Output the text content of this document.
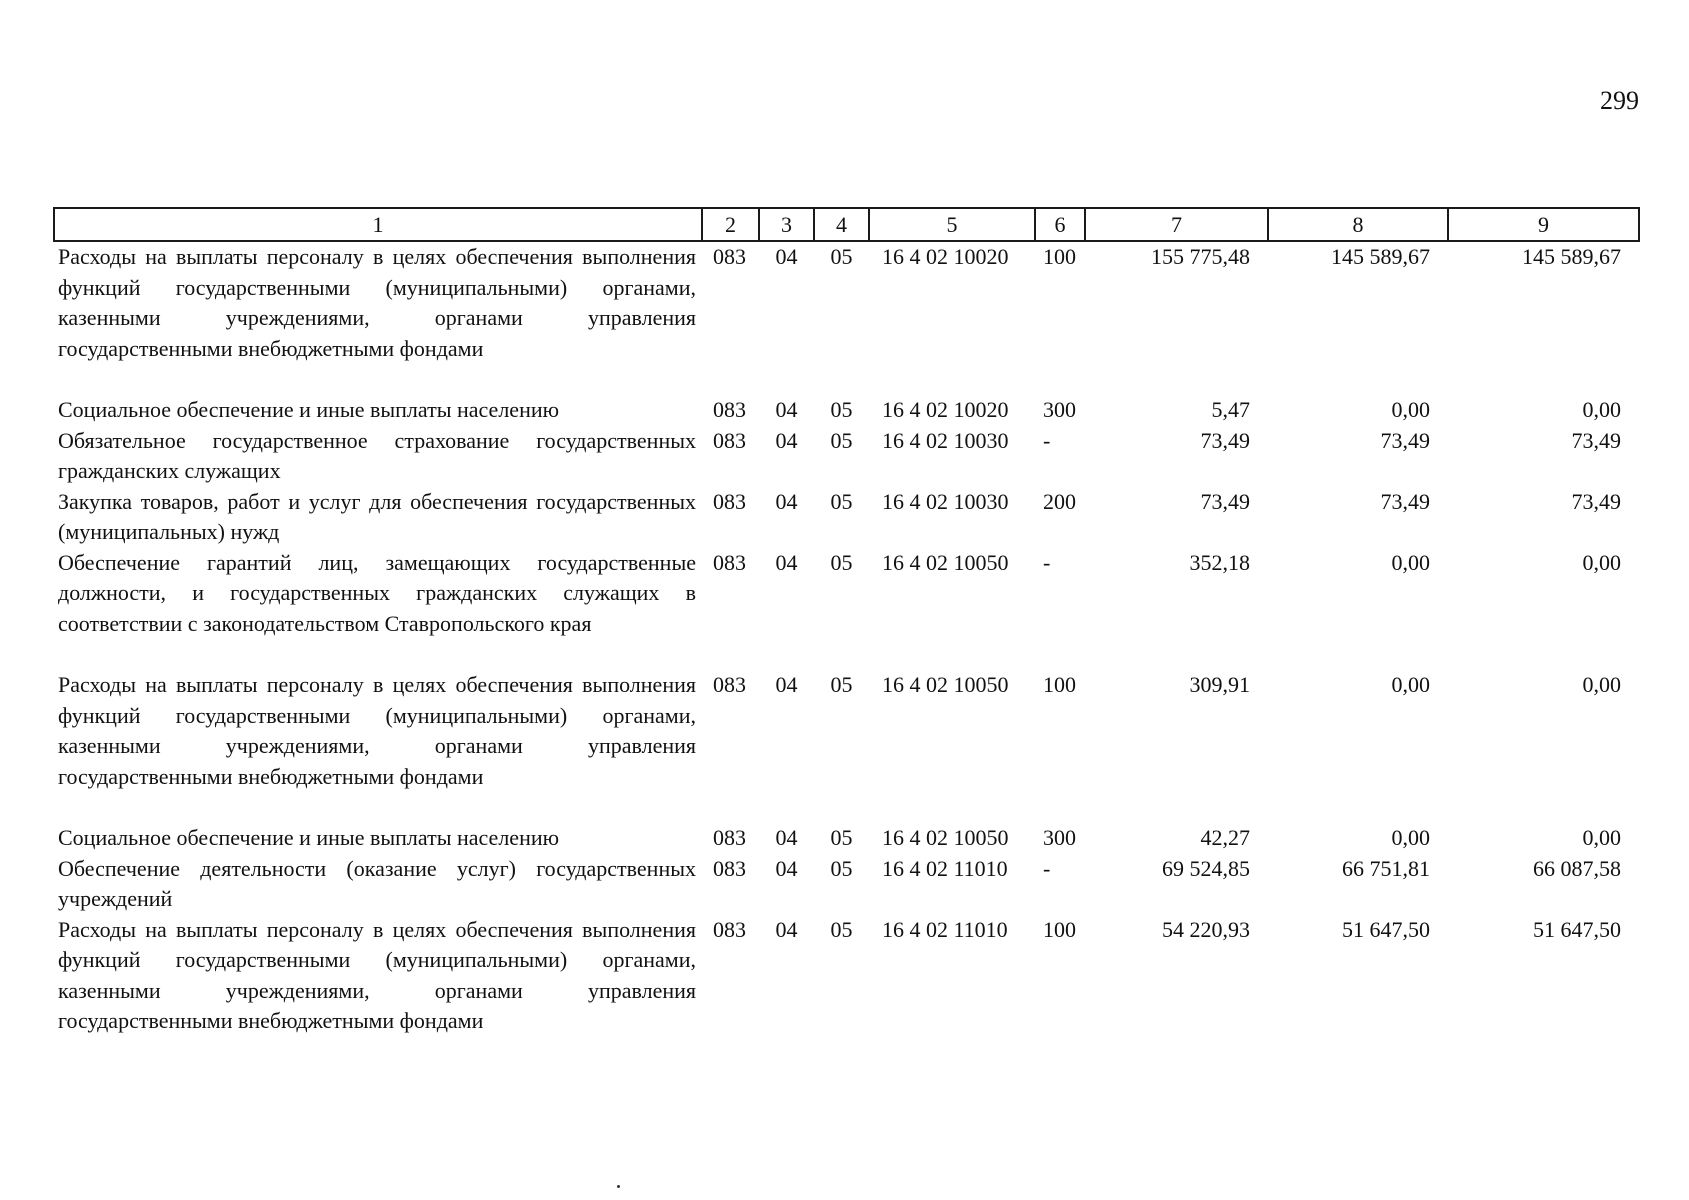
299
1	2	3	4	5	6	7	8	9
Расходы на выплаты персоналу в целях обеспечения выполнения функций государственными (муниципальными) органами, казенными учреждениями, органами управления государственными внебюджетными фондами	083	04	05	16 4 02 10020	100	155 775,48	145 589,67	145 589,67
Социальное обеспечение и иные выплаты населению	083	04	05	16 4 02 10020	300	5,47	0,00	0,00
Обязательное государственное страхование государственных гражданских служащих	083	04	05	16 4 02 10030	-	73,49	73,49	73,49
Закупка товаров, работ и услуг для обеспечения государственных (муниципальных) нужд	083	04	05	16 4 02 10030	200	73,49	73,49	73,49
Обеспечение гарантий лиц, замещающих государственные должности, и государственных гражданских служащих в соответствии с законодательством Ставропольского края	083	04	05	16 4 02 10050	-	352,18	0,00	0,00
Расходы на выплаты персоналу в целях обеспечения выполнения функций государственными (муниципальными) органами, казенными учреждениями, органами управления государственными внебюджетными фондами	083	04	05	16 4 02 10050	100	309,91	0,00	0,00
Социальное обеспечение и иные выплаты населению	083	04	05	16 4 02 10050	300	42,27	0,00	0,00
Обеспечение деятельности (оказание услуг) государственных учреждений	083	04	05	16 4 02 11010	-	69 524,85	66 751,81	66 087,58
Расходы на выплаты персоналу в целях обеспечения выполнения функций государственными (муниципальными) органами, казенными учреждениями, органами управления государственными внебюджетными фондами	083	04	05	16 4 02 11010	100	54 220,93	51 647,50	51 647,50
